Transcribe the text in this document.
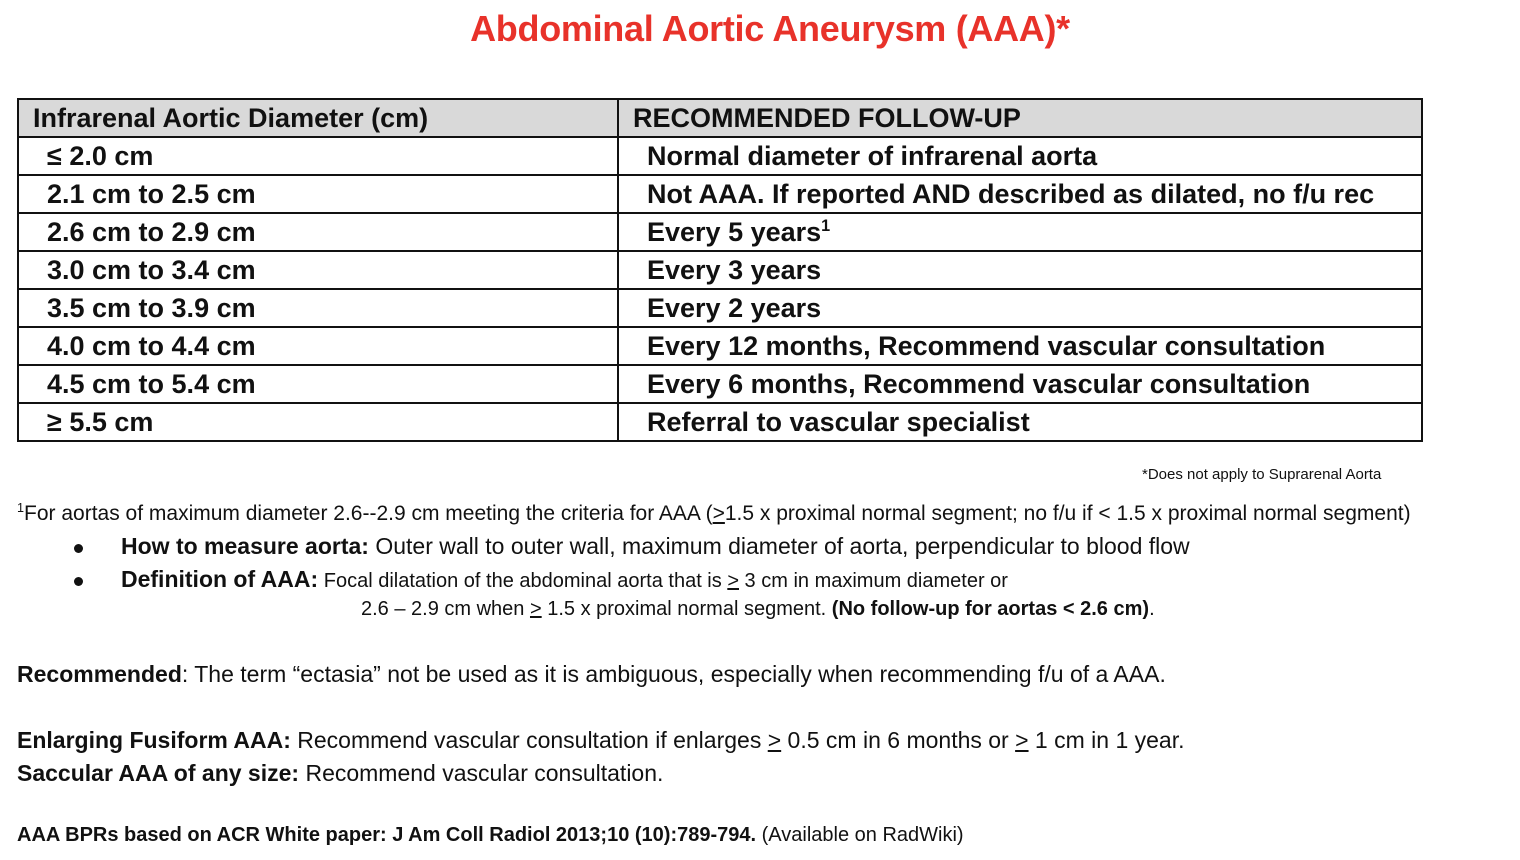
Abdominal Aortic Aneurysm (AAA)*
Infrarenal Aortic Diameter (cm)	RECOMMENDED FOLLOW-UP
≤ 2.0 cm	Normal diameter of infrarenal aorta
2.1 cm to 2.5 cm	Not AAA. If reported AND described as dilated, no f/u rec
2.6 cm to 2.9 cm	Every 5 years$^1$
3.0 cm to 3.4 cm	Every 3 years
3.5 cm to 3.9 cm	Every 2 years
4.0 cm to 4.4 cm	Every 12 months, Recommend vascular consultation
4.5 cm to 5.4 cm	Every 6 months, Recommend vascular consultation
≥ 5.5 cm	Referral to vascular specialist
*Does not apply to Suprarenal Aorta
$^1$For aortas of maximum diameter 2.6--2.9 cm meeting the criteria for AAA (>1.5 x proximal normal segment; no f/u if < 1.5 x proximal normal segment)
How to measure aorta: Outer wall to outer wall, maximum diameter of aorta, perpendicular to blood flow
Definition of AAA: Focal dilatation of the abdominal aorta that is > 3 cm in maximum diameter or
2.6 – 2.9 cm when > 1.5 x proximal normal segment. (No follow-up for aortas < 2.6 cm).
Recommended: The term “ectasia” not be used as it is ambiguous, especially when recommending f/u of a AAA.
Enlarging Fusiform AAA: Recommend vascular consultation if enlarges > 0.5 cm in 6 months or > 1 cm in 1 year.
Saccular AAA of any size: Recommend vascular consultation.
AAA BPRs based on ACR White paper: J Am Coll Radiol 2013;10 (10):789-794. (Available on RadWiki)
